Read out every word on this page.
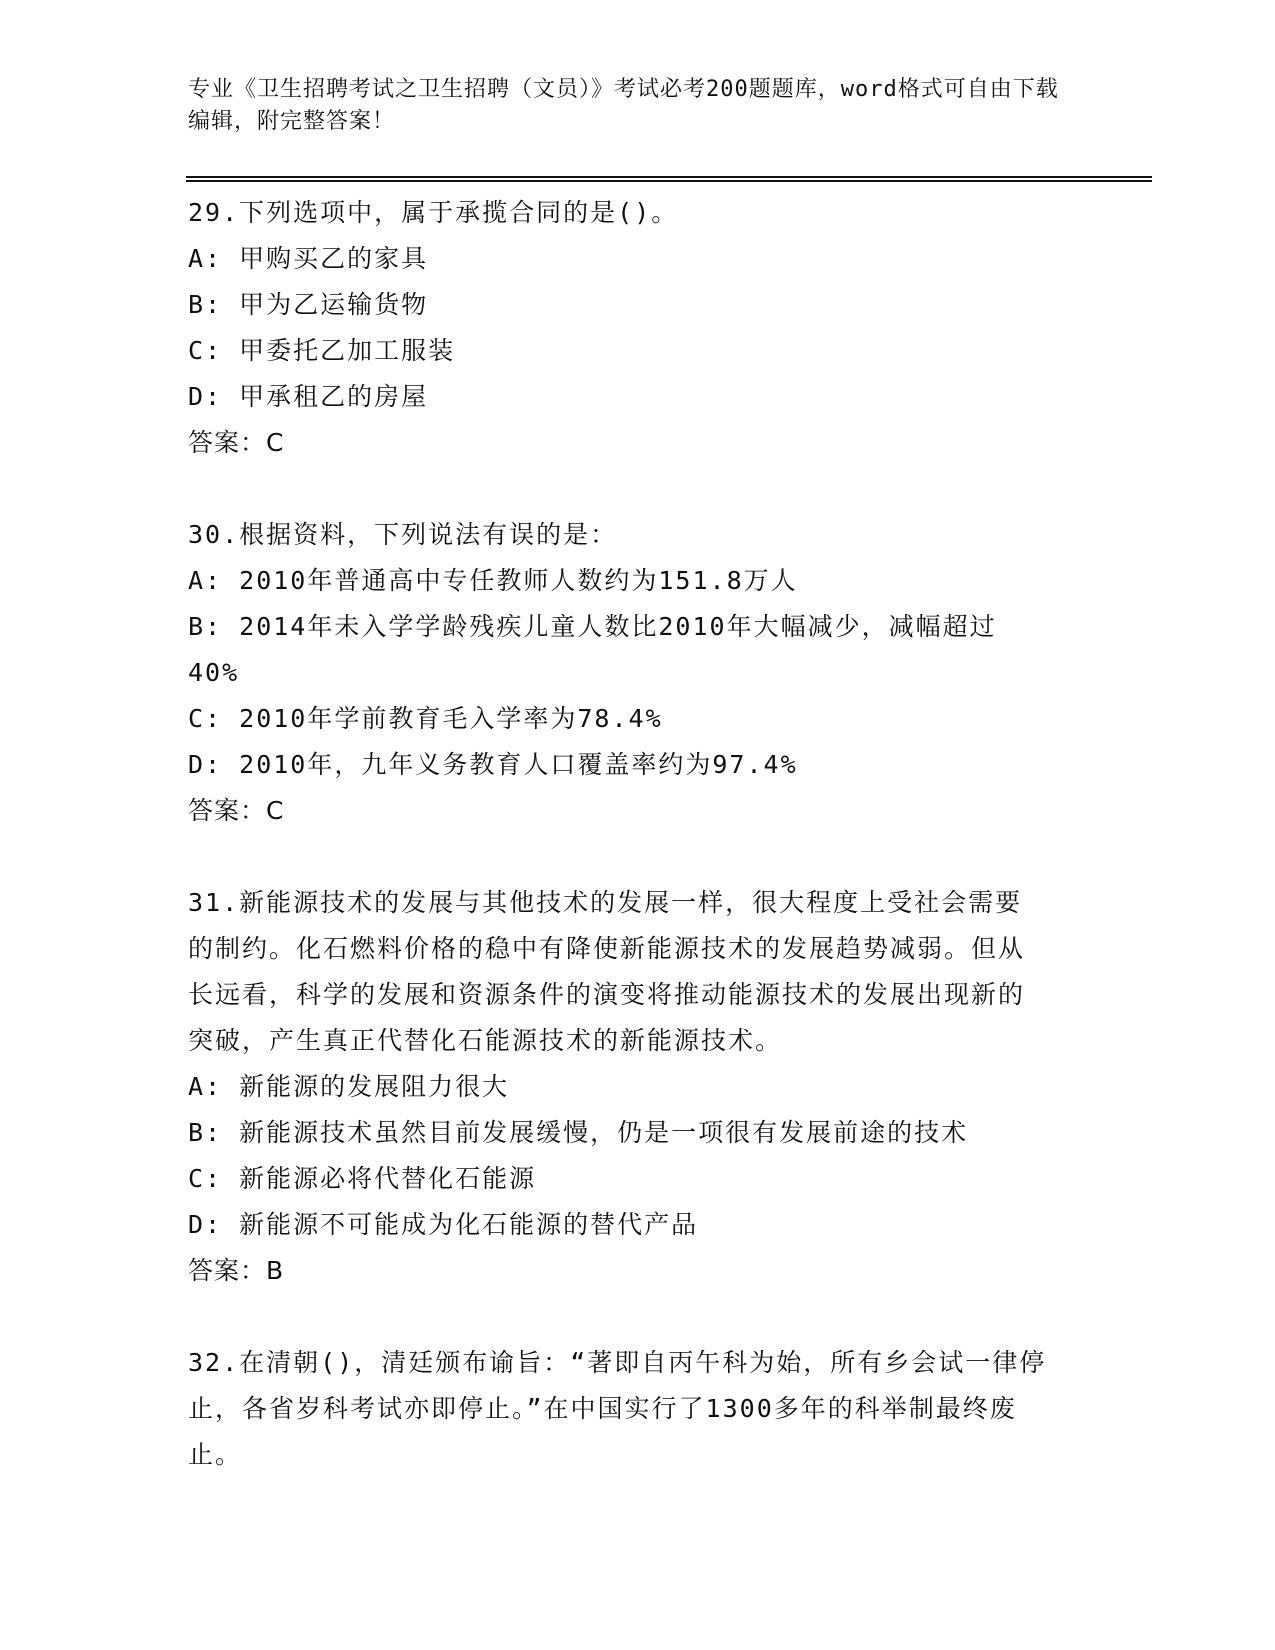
专业《卫生招聘考试之卫生招聘（文员）》考试必考200题题库，word格式可自由下载编辑，附完整答案！

29.下列选项中，属于承揽合同的是()。

A: 甲购买乙的家具

B: 甲为乙运输货物

C: 甲委托乙加工服装

D: 甲承租乙的房屋

答案：C

30.根据资料，下列说法有误的是：

A: 2010年普通高中专任教师人数约为151.8万人

B: 2014年未入学学龄残疾儿童人数比2010年大幅减少，减幅超过40%

C: 2010年学前教育毛入学率为78.4%

D: 2010年，九年义务教育人口覆盖率约为97.4%

答案：C

31.新能源技术的发展与其他技术的发展一样，很大程度上受社会需要的制约。化石燃料价格的稳中有降使新能源技术的发展趋势减弱。但从长远看，科学的发展和资源条件的演变将推动能源技术的发展出现新的突破，产生真正代替化石能源技术的新能源技术。

A: 新能源的发展阻力很大

B: 新能源技术虽然目前发展缓慢，仍是一项很有发展前途的技术

C: 新能源必将代替化石能源

D: 新能源不可能成为化石能源的替代产品

答案：B

32.在清朝()，清廷颁布谕旨：“著即自丙午科为始，所有乡会试一律停止，各省岁科考试亦即停止。”在中国实行了1300多年的科举制最终废止。
